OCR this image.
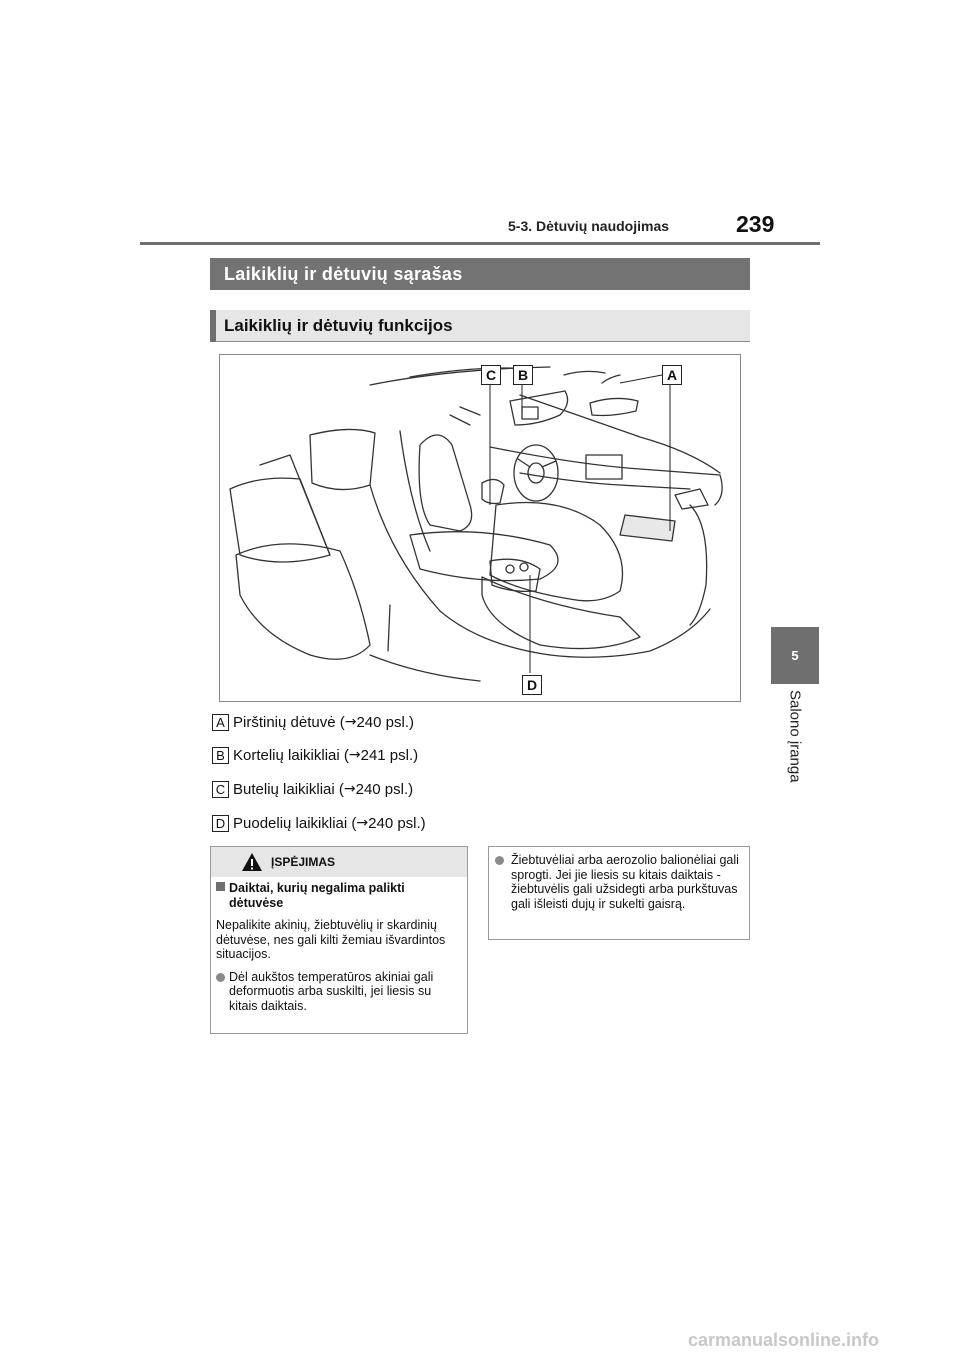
5-3. Dėtuvių naudojimas	239
5
Salono įranga
Laikiklių ir dėtuvių sąrašas
Laikiklių ir dėtuvių funkcijos
C	B	A
D
A Pirštinių dėtuvė ( → 240 psl.)
B Kortelių laikikliai ( → 241 psl.)
C Butelių laikikliai ( → 240 psl.)
D Puodelių laikikliai ( → 240 psl.)
ĮSPĖJIMAS
Daiktai, kurių negalima palikti dėtuvėse
Nepalikite akinių, žiebtuvėlių ir skardinių dėtuvėse, nes gali kilti žemiau išvardintos situacijos.
Dėl aukštos temperatūros akiniai gali deformuotis arba suskilti, jei liesis su kitais daiktais.
Žiebtuvėliai arba aerozolio balionėliai gali sprogti. Jei jie liesis su kitais daiktais - žiebtuvėlis gali užsidegti arba purkštuvas gali išleisti dujų ir sukelti gaisrą.
carmanualsonline.info
